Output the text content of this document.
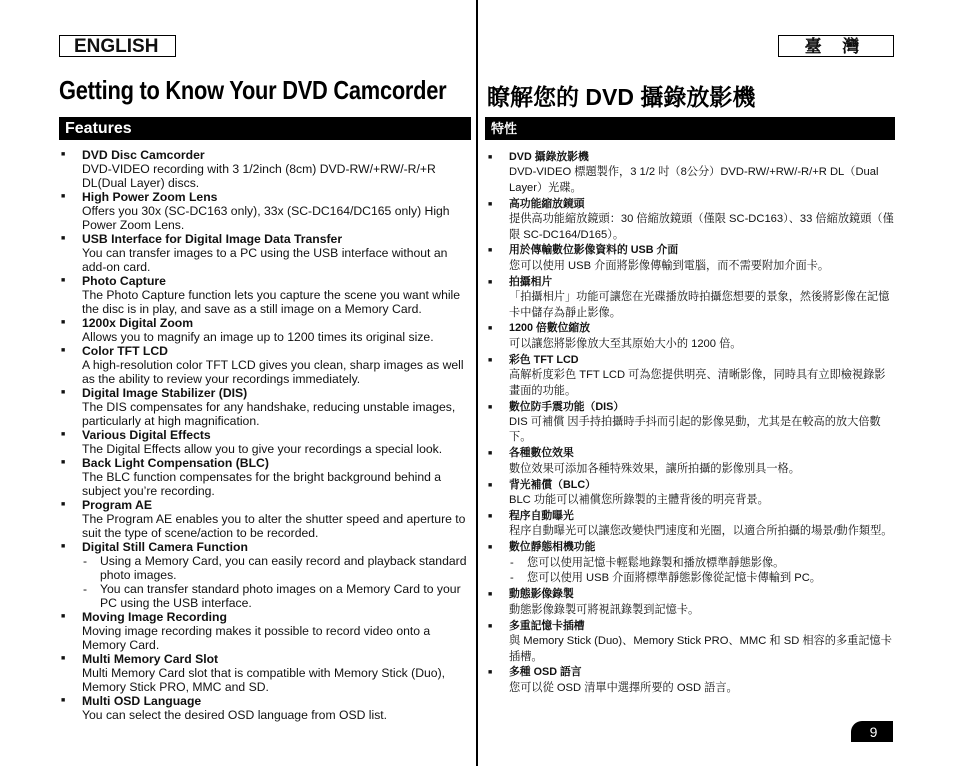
ENGLISH	臺 灣
Getting to Know Your DVD Camcorder 瞭解您的 DVD 攝錄放影機
Features	特性
■ DVD Disc Camcorder
DVD-VIDEO recording with 3 1/2inch (8cm) DVD-RW/+RW/-R/+R DL(Dual Layer) discs.
■ High Power Zoom Lens
Offers you 30x (SC-DC163 only), 33x (SC-DC164/DC165 only) High Power Zoom Lens.
■ USB Interface for Digital Image Data Transfer
You can transfer images to a PC using the USB interface without an add-on card.
■ Photo Capture
The Photo Capture function lets you capture the scene you want while the disc is in play, and save as a still image on a Memory Card.
■ 1200x Digital Zoom
Allows you to magnify an image up to 1200 times its original size.
■ Color TFT LCD
A high-resolution color TFT LCD gives you clean, sharp images as well as the ability to review your recordings immediately.
■ Digital Image Stabilizer (DIS)
The DIS compensates for any handshake, reducing unstable images, particularly at high magnification.
■ Various Digital Effects
The Digital Effects allow you to give your recordings a special look.
■ Back Light Compensation (BLC)
The BLC function compensates for the bright background behind a subject you’re recording.
■ Program AE
The Program AE enables you to alter the shutter speed and aperture to suit the type of scene/action to be recorded.
■ Digital Still Camera Function
- Using a Memory Card, you can easily record and playback standard photo images.
- You can transfer standard photo images on a Memory Card to your PC using the USB interface.
■ Moving Image Recording
Moving image recording makes it possible to record video onto a Memory Card.
■ Multi Memory Card Slot
Multi Memory Card slot that is compatible with Memory Stick (Duo), Memory Stick PRO, MMC and SD.
■ Multi OSD Language
You can select the desired OSD language from OSD list.
■ DVD 攝錄放影機
DVD-VIDEO 標題製作，3 1/2 吋（8公分）DVD-RW/+RW/-R/+R DL（Dual Layer）光碟。
■ 高功能縮放鏡頭
提供高功能縮放鏡頭：30 倍縮放鏡頭（僅限 SC-DC163）、33 倍縮放鏡頭（僅限 SC-DC164/D165）。
■ 用於傳輸數位影像資料的 USB 介面
您可以使用 USB 介面將影像傳輸到電腦，而不需要附加介面卡。
■ 拍攝相片
「拍攝相片」功能可讓您在光碟播放時拍攝您想要的景象，然後將影像在記憶卡中儲存為靜止影像。
■ 1200 倍數位縮放
可以讓您將影像放大至其原始大小的 1200 倍。
■ 彩色 TFT LCD
高解析度彩色 TFT LCD 可為您提供明亮、清晰影像，同時具有立即檢視錄影畫面的功能。
■ 數位防手震功能（DIS）
DIS 可補償 因手持拍攝時手抖而引起的影像晃動，尤其是在較高的放大倍數下。
■ 各種數位效果
數位效果可添加各種特殊效果，讓所拍攝的影像別具一格。
■ 背光補償（BLC）
BLC 功能可以補償您所錄製的主體背後的明亮背景。
■ 程序自動曝光
程序自動曝光可以讓您改變快門速度和光圈，以適合所拍攝的場景/動作類型。
■ 數位靜態相機功能
- 您可以使用記憶卡輕鬆地錄製和播放標準靜態影像。
- 您可以使用 USB 介面將標準靜態影像從記憶卡傳輸到 PC。
■ 動態影像錄製
動態影像錄製可將視訊錄製到記憶卡。
■ 多重記憶卡插槽
與 Memory Stick (Duo)、Memory Stick PRO、MMC 和 SD 相容的多重記憶卡插槽。
■ 多種 OSD 語言
您可以從 OSD 清單中選擇所要的 OSD 語言。
9
